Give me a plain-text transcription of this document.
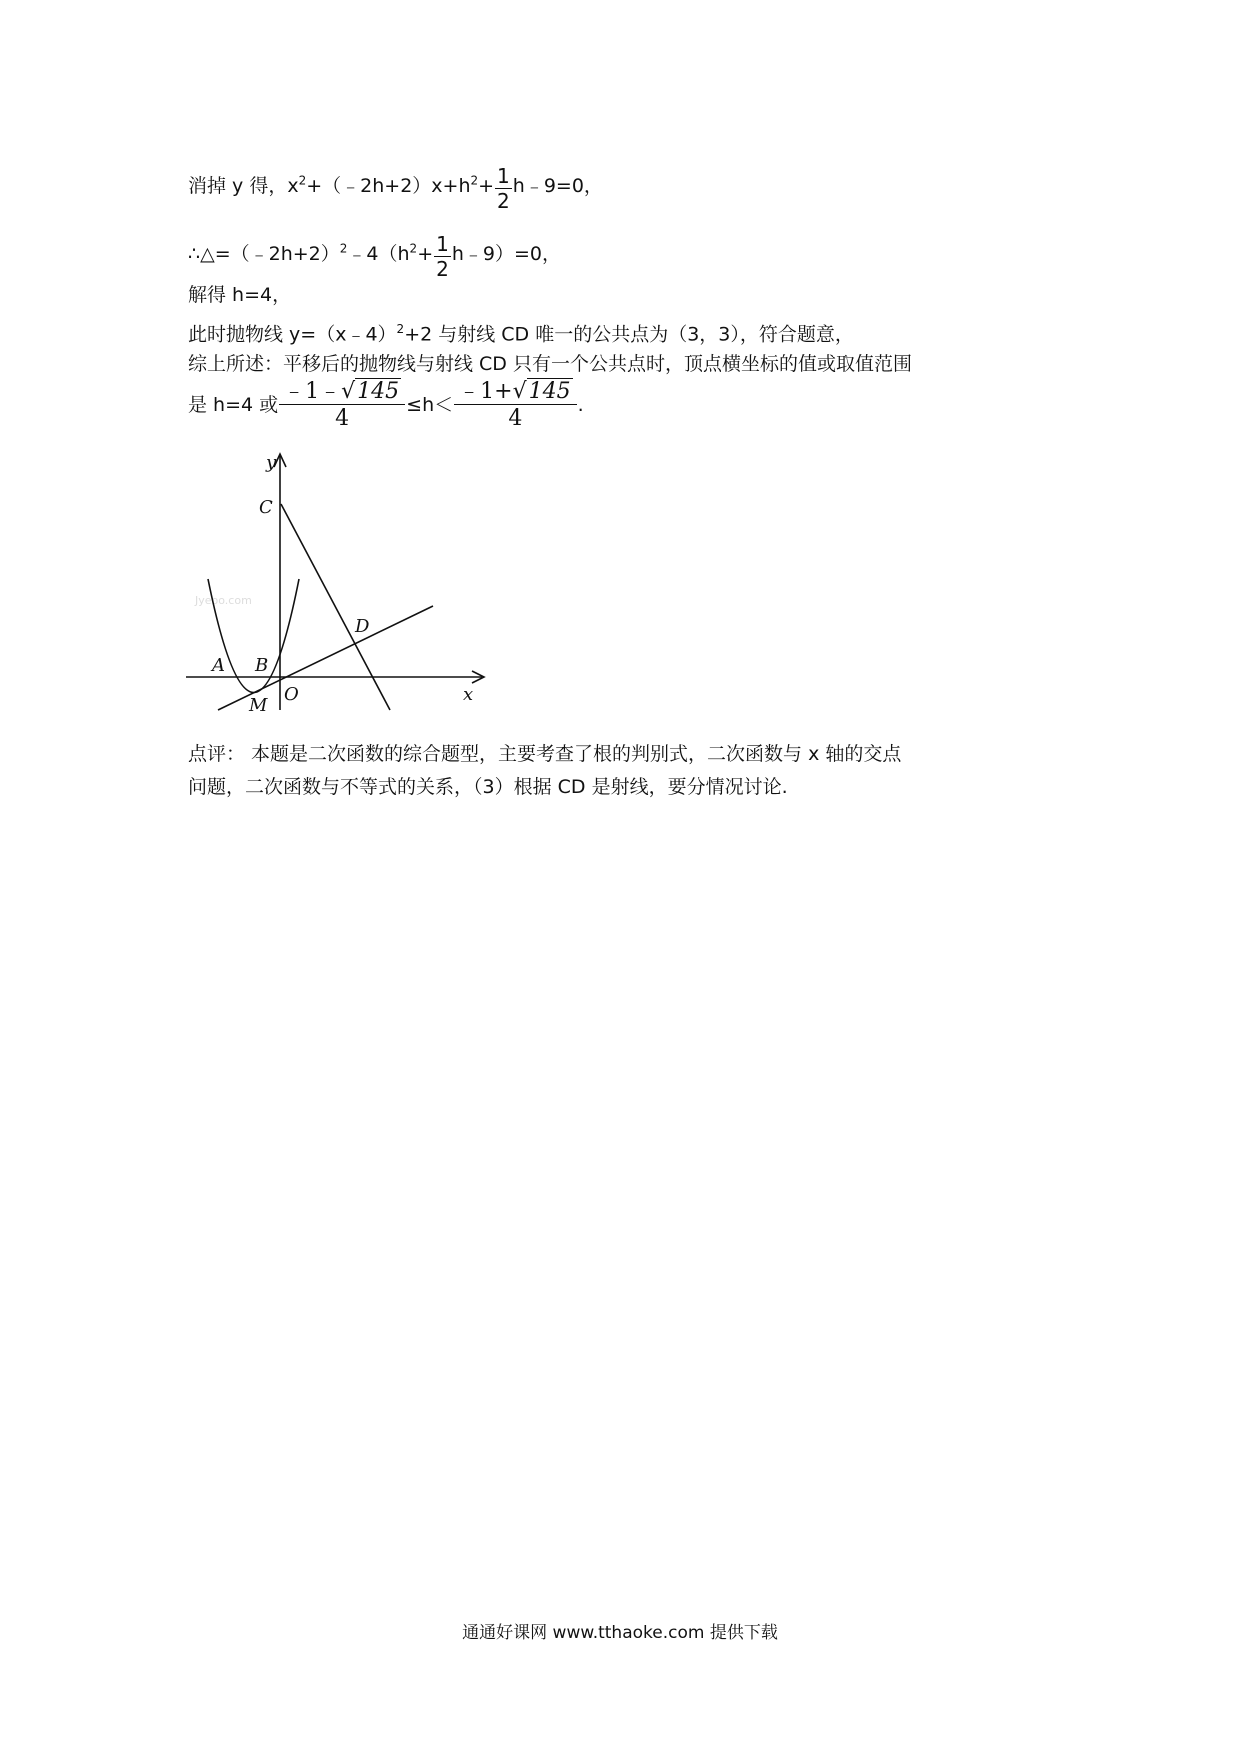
消掉 y 得，$x^2+(﹣2h+2)x+h^2+ \frac{1}{2}$ h﹣9=0，
$\therefore\triangle=(﹣2h+2)^2﹣4(h^2+ \frac{1}{2}$ h﹣9）=0，
解得 h=4，
此时抛物线 y=（x﹣4）$^2$+2 与射线 CD 唯一的公共点为（3，3），符合题意，
综上所述：平移后的抛物线与射线 CD 只有一个公共点时，顶点横坐标的值或取值范围
是 h=4 或 $\frac{﹣1﹣√145}{4} \le h< \frac{﹣1+√145}{4}$ .
Jyeoo.com
y
x
C
D
A B
O
M
点评： 本题是二次函数的综合题型，主要考查了根的判别式，二次函数与 x 轴的交点
问题，二次函数与不等式的关系，（3）根据 CD 是射线，要分情况讨论.
通通好课网 www.tthaoke.com 提供下载
